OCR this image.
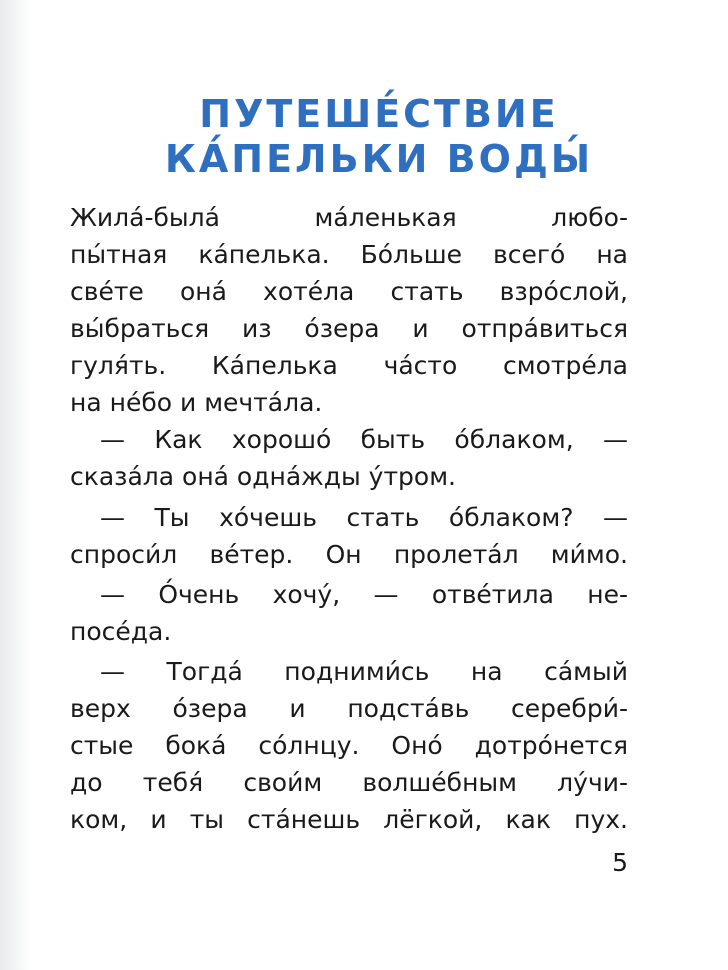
ПУТЕШЕ́СТВИЕ
КА́ПЕЛЬКИ ВОДЫ́

Жила́-была́ ма́ленькая любо-

пы́тная ка́пелька. Бо́льше всего́ на

све́те она́ хоте́ла стать взро́слой,

вы́браться из о́зера и отпра́виться

гуля́ть. Ка́пелька ча́сто смотре́ла

на не́бо и мечта́ла.

— Как хорошо́ быть о́блаком, —

сказа́ла она́ одна́жды у́тром.

— Ты хо́чешь стать о́блаком? —

спроси́л ве́тер. Он пролета́л ми́мо.

— О́чень хочу́, — отве́тила не-

посе́да.

— Тогда́ подними́сь на са́мый

верх о́зера и подста́вь серебри́-

стые бока́ со́лнцу. Оно́ дотро́нется

до тебя́ свои́м волше́бным лу́чи-

ком, и ты ста́нешь лёгкой, как пух.

5
